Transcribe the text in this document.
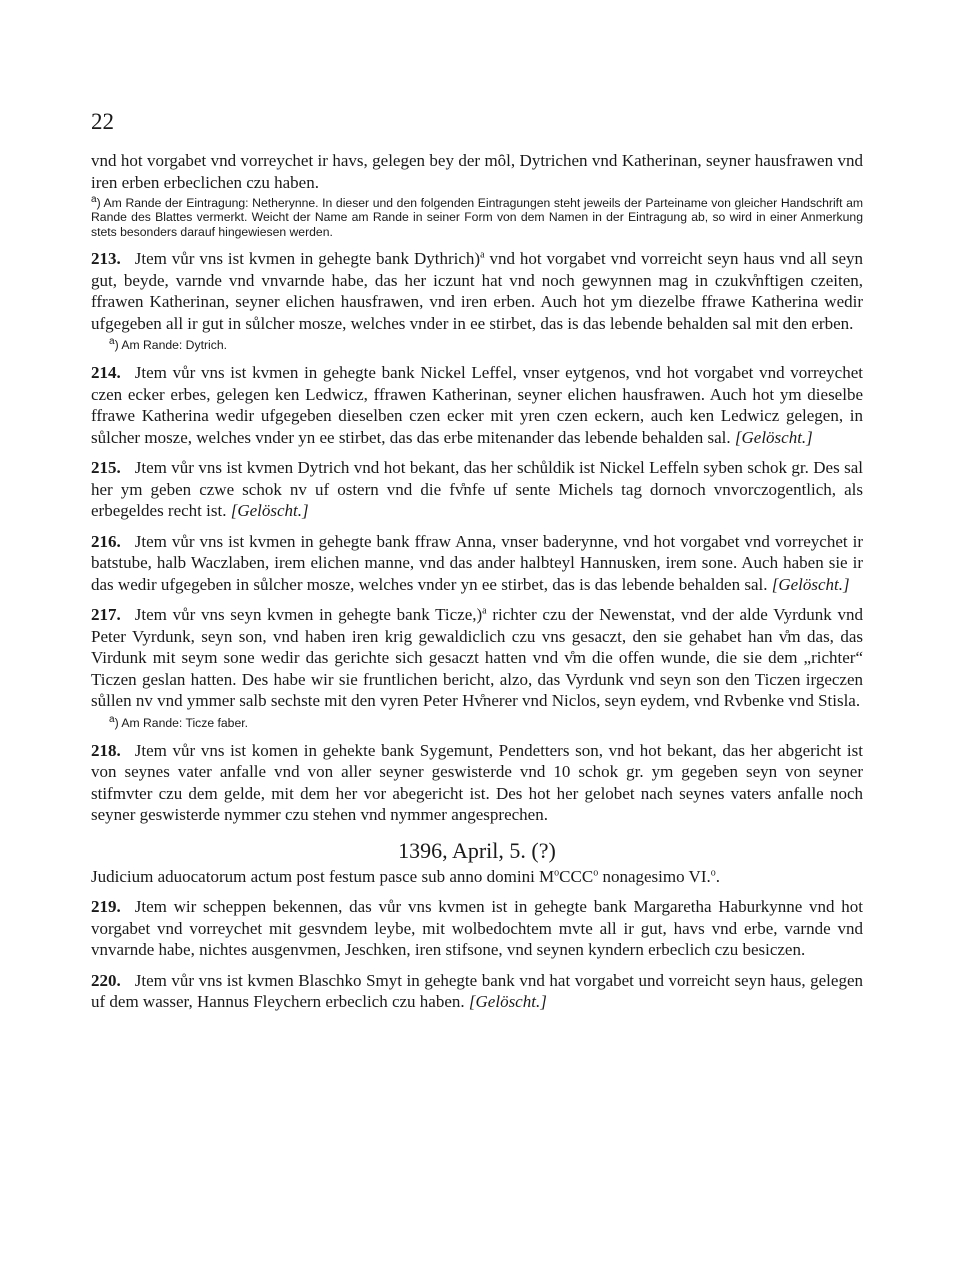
22

vnd hot vorgabet vnd vorreychet ir havs, gelegen bey der mȏl, Dytrichen vnd Katherinan, seyner hausfrawen vnd iren erben erbeclichen czu haben.

$^a$) Am Rande der Eintragung: Netherynne. In dieser und den folgenden Eintragungen steht jeweils der Parteiname von gleicher Handschrift am Rande des Blattes vermerkt. Weicht der Name am Rande in seiner Form von dem Namen in der Eintragung ab, so wird in einer Anmerkung stets besonders darauf hingewiesen werden.

213. Jtem vůr vns ist kvmen in gehegte bank Dythrich)$^a$ vnd hot vorgabet vnd vorreicht seyn haus vnd all seyn gut, beyde, varnde vnd vnvarnde habe, das her iczunt hat vnd noch gewynnen mag in czukv̊nftigen czeiten, ffrawen Katherinan, seyner elichen hausfrawen, vnd iren erben. Auch hot ym diezelbe ffrawe Katherina wedir ufgegeben all ir gut in sůlcher mosze, welches vnder in ee stirbet, das is das lebende behalden sal mit den erben.

$^a$) Am Rande: Dytrich.

214. Jtem vůr vns ist kvmen in gehegte bank Nickel Leffel, vnser eytgenos, vnd hot vorgabet vnd vorreychet czen ecker erbes, gelegen ken Ledwicz, ffrawen Katherinan, seyner elichen hausfrawen. Auch hot ym dieselbe ffrawe Katherina wedir ufgegeben dieselben czen ecker mit yren czen eckern, auch ken Ledwicz gelegen, in sůlcher mosze, welches vnder yn ee stirbet, das das erbe mitenander das lebende behalden sal. [Gelöscht.]

215. Jtem vůr vns ist kvmen Dytrich vnd hot bekant, das her schůldik ist Nickel Leffeln syben schok gr. Des sal her ym geben czwe schok nv uf ostern vnd die fv̊nfe uf sente Michels tag dornoch vnvorczogentlich, als erbegeldes recht ist. [Gelöscht.]

216. Jtem vůr vns ist kvmen in gehegte bank ffraw Anna, vnser baderynne, vnd hot vorgabet vnd vorreychet ir batstube, halb Waczlaben, irem elichen manne, vnd das ander halbteyl Hannusken, irem sone. Auch haben sie ir das wedir ufgegeben in sůlcher mosze, welches vnder yn ee stirbet, das is das lebende behalden sal. [Gelöscht.]

217. Jtem vůr vns seyn kvmen in gehegte bank Ticze,)$^a$ richter czu der Newenstat, vnd der alde Vyrdunk vnd Peter Vyrdunk, seyn son, vnd haben iren krig gewaldiclich czu vns gesaczt, den sie gehabet han v̊m das, das Virdunk mit seym sone wedir das gerichte sich gesaczt hatten vnd v̊m die offen wunde, die sie dem „richter“ Ticzen geslan hatten. Des habe wir sie fruntlichen bericht, alzo, das Vyrdunk vnd seyn son den Ticzen irgeczen sůllen nv vnd ymmer salb sechste mit den vyren Peter Hv̊nerer vnd Niclos, seyn eydem, vnd Rvbenke vnd Stisla.

$^a$) Am Rande: Ticze faber.

218. Jtem vůr vns ist komen in gehekte bank Sygemunt, Pendetters son, vnd hot bekant, das her abgericht ist von seynes vater anfalle vnd von aller seyner geswisterde vnd 10 schok gr. ym gegeben seyn von seyner stifmvter czu dem gelde, mit dem her vor abegericht ist. Des hot her gelobet nach seynes vaters anfalle noch seyner geswisterde nymmer czu stehen vnd nymmer angesprechen.

1396, April, 5. (?)

Judicium aduocatorum actum post festum pasce sub anno domini $M^oCCC^o$ nonagesimo VI.$^o$.

219. Jtem wir scheppen bekennen, das vůr vns kvmen ist in gehegte bank Margaretha Haburkynne vnd hot vorgabet vnd vorreychet mit gesvndem leybe, mit wolbedochtem mvte all ir gut, havs vnd erbe, varnde vnd vnvarnde habe, nichtes ausgenvmen, Jeschken, iren stifsone, vnd seynen kyndern erbeclich czu besiczen.

220. Jtem vůr vns ist kvmen Blaschko Smyt in gehegte bank vnd hat vorgabet und vorreicht seyn haus, gelegen uf dem wasser, Hannus Fleychern erbeclich czu haben. [Gelöscht.]
